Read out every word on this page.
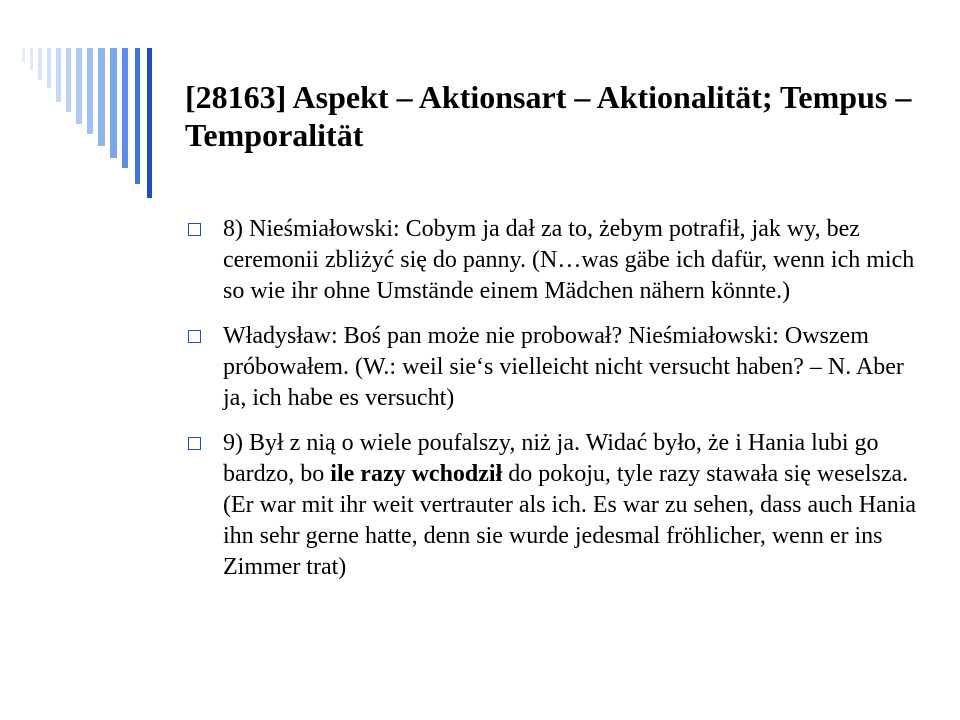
[28163] Aspekt – Aktionsart – Aktionalität; Tempus – Temporalität
8) Nieśmiałowski: Cobym ja dał za to, żebym potrafił, jak wy, bez ceremonii zbliżyć się do panny. (N…was gäbe ich dafür, wenn ich mich so wie ihr ohne Umstände einem Mädchen nähern könnte.)
Władysław: Boś pan może nie probował? Nieśmiałowski: Owszem próbowałem. (W.: weil sie‘s vielleicht nicht versucht haben? – N. Aber ja, ich habe es versucht)
9) Był z nią o wiele poufalszy, niż ja. Widać było, że i Hania lubi go bardzo, bo ile razy wchodził do pokoju, tyle razy stawała się weselsza. (Er war mit ihr weit vertrauter als ich. Es war zu sehen, dass auch Hania ihn sehr gerne hatte, denn sie wurde jedesmal fröhlicher, wenn er ins Zimmer trat)
